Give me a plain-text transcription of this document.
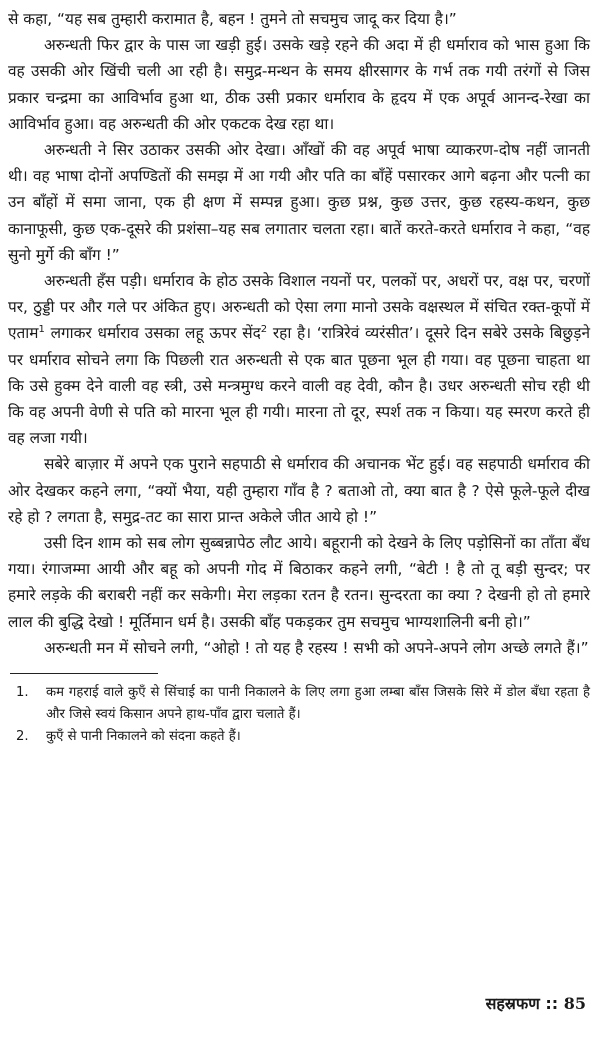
से कहा, “यह सब तुम्हारी करामात है, बहन ! तुमने तो सचमुच जादू कर दिया है।”

अरुन्धती फिर द्वार के पास जा खड़ी हुई। उसके खड़े रहने की अदा में ही धर्माराव को भास हुआ कि वह उसकी ओर खिंची चली आ रही है। समुद्र-मन्थन के समय क्षीरसागर के गर्भ तक गयी तरंगों से जिस प्रकार चन्द्रमा का आविर्भाव हुआ था, ठीक उसी प्रकार धर्माराव के हृदय में एक अपूर्व आनन्द-रेखा का आविर्भाव हुआ। वह अरुन्धती की ओर एकटक देख रहा था।

अरुन्धती ने सिर उठाकर उसकी ओर देखा। आँखों की वह अपूर्व भाषा व्याकरण-दोष नहीं जानती थी। वह भाषा दोनों अपण्डितों की समझ में आ गयी और पति का बाँहें पसारकर आगे बढ़ना और पत्नी का उन बाँहों में समा जाना, एक ही क्षण में सम्पन्न हुआ। कुछ प्रश्न, कुछ उत्तर, कुछ रहस्य-कथन, कुछ कानाफूसी, कुछ एक-दूसरे की प्रशंसा–यह सब लगातार चलता रहा। बातें करते-करते धर्माराव ने कहा, “वह सुनो मुर्गे की बाँग !”

अरुन्धती हँस पड़ी। धर्माराव के होठ उसके विशाल नयनों पर, पलकों पर, अधरों पर, वक्ष पर, चरणों पर, ठुड्डी पर और गले पर अंकित हुए। अरुन्धती को ऐसा लगा मानो उसके वक्षस्थल में संचित रक्त-कूपों में एताम$^1$ लगाकर धर्माराव उसका लहू ऊपर सेंद$^2$ रहा है। ‘रात्रिरेवं व्यरंसीत’। दूसरे दिन सबेरे उसके बिछुड़ने पर धर्माराव सोचने लगा कि पिछली रात अरुन्धती से एक बात पूछना भूल ही गया। वह पूछना चाहता था कि उसे हुक्म देने वाली वह स्त्री, उसे मन्त्रमुग्ध करने वाली वह देवी, कौन है। उधर अरुन्धती सोच रही थी कि वह अपनी वेणी से पति को मारना भूल ही गयी। मारना तो दूर, स्पर्श तक न किया। यह स्मरण करते ही वह लजा गयी।

सबेरे बाज़ार में अपने एक पुराने सहपाठी से धर्माराव की अचानक भेंट हुई। वह सहपाठी धर्माराव की ओर देखकर कहने लगा, “क्यों भैया, यही तुम्हारा गाँव है ? बताओ तो, क्या बात है ? ऐसे फूले-फूले दीख रहे हो ? लगता है, समुद्र-तट का सारा प्रान्त अकेले जीत आये हो !”

उसी दिन शाम को सब लोग सुब्बन्नापेठ लौट आये। बहूरानी को देखने के लिए पड़ोसिनों का ताँता बँध गया। रंगाजम्मा आयी और बहू को अपनी गोद में बिठाकर कहने लगी, “बेटी ! है तो तू बड़ी सुन्दर; पर हमारे लड़के की बराबरी नहीं कर सकेगी। मेरा लड़का रतन है रतन। सुन्दरता का क्या ? देखनी हो तो हमारे लाल की बुद्धि देखो ! मूर्तिमान धर्म है। उसकी बाँह पकड़कर तुम सचमुच भाग्यशालिनी बनी हो।”

अरुन्धती मन में सोचने लगी, “ओहो ! तो यह है रहस्य ! सभी को अपने-अपने लोग अच्छे लगते हैं।”

1.	कम गहराई वाले कुएँ से सिंचाई का पानी निकालने के लिए लगा हुआ लम्बा बाँस जिसके सिरे में डोल बँधा रहता है और जिसे स्वयं किसान अपने हाथ-पाँव द्वारा चलाते हैं।
2.	कुएँ से पानी निकालने को संदना कहते हैं।
सहस्रफण :: 85
